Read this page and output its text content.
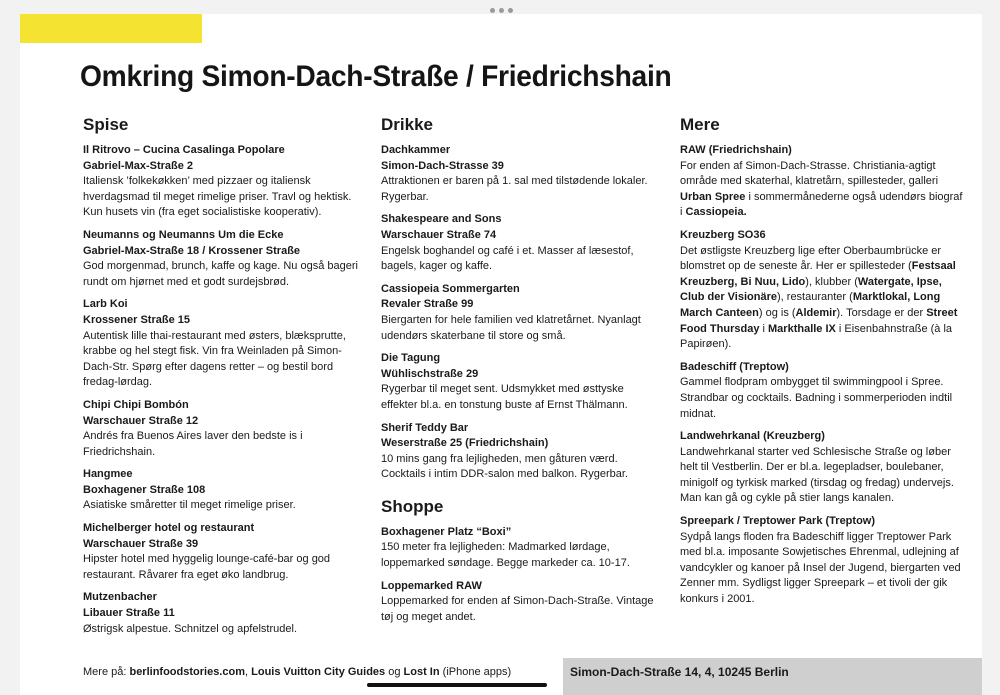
Omkring Simon-Dach-Straße / Friedrichshain
Spise
Il Ritrovo – Cucina Casalinga Popolare
Gabriel-Max-Straße 2
Italiensk ’folkekøkken’ med pizzaer og italiensk hverdagsmad til meget rimelige priser. Travl og hektisk. Kun husets vin (fra eget socialistiske kooperativ).
Neumanns og Neumanns Um die Ecke
Gabriel-Max-Straße 18 / Krossener Straße
God morgenmad, brunch, kaffe og kage. Nu også bageri rundt om hjørnet med et godt surdejsbrød.
Larb Koi
Krossener Straße 15
Autentisk lille thai-restaurant med østers, blæksprutte, krabbe og hel stegt fisk. Vin fra Weinladen på Simon-Dach-Str. Spørg efter dagens retter – og bestil bord fredag-lørdag.
Chipi Chipi Bombón
Warschauer Straße 12
Andrés fra Buenos Aires laver den bedste is i Friedrichshain.
Hangmee
Boxhagener Straße 108
Asiatiske småretter til meget rimelige priser.
Michelberger hotel og restaurant
Warschauer Straße 39
Hipster hotel med hyggelig lounge-café-bar og god restaurant. Råvarer fra eget øko landbrug.
Mutzenbacher
Libauer Straße 11
Østrigsk alpestue. Schnitzel og apfelstrudel.
Drikke
Dachkammer
Simon-Dach-Strasse 39
Attraktionen er baren på 1. sal med tilstødende lokaler. Rygerbar.
Shakespeare and Sons
Warschauer Straße 74
Engelsk boghandel og café i et. Masser af læsestof, bagels, kager og kaffe.
Cassiopeia Sommergarten
Revaler Straße 99
Biergarten for hele familien ved klatretårnet. Nyanlagt udendørs skaterbane til store og små.
Die Tagung
Wühlischstraße 29
Rygerbar til meget sent. Udsmykket med østtyske effekter bl.a. en tonstung buste af Ernst Thälmann.
Sherif Teddy Bar
Weserstraße 25 (Friedrichshain)
10 mins gang fra lejligheden, men gåturen værd. Cocktails i intim DDR-salon med balkon. Rygerbar.
Shoppe
Boxhagener Platz “Boxi”
150 meter fra lejligheden: Madmarked lørdage, loppemarked søndage. Begge markeder ca. 10-17.
Loppemarked RAW
Loppemarked for enden af Simon-Dach-Straße. Vintage tøj og meget andet.
Mere
RAW (Friedrichshain)
For enden af Simon-Dach-Strasse. Christiania-agtigt område med skaterhal, klatretårn, spillesteder, galleri Urban Spree i sommermånederne også udendørs biograf i Cassiopeia.
Kreuzberg SO36
Det østligste Kreuzberg lige efter Oberbaumbrücke er blomstret op de seneste år. Her er spillesteder (Festsaal Kreuzberg, Bi Nuu, Lido), klubber (Watergate, Ipse, Club der Visionäre), restauranter (Marktlokal, Long March Canteen) og is (Aldemir). Torsdage er der Street Food Thursday i Markthalle IX i Eisenbahnstraße (à la Papirøen).
Badeschiff (Treptow)
Gammel flodpram ombygget til swimmingpool i Spree. Strandbar og cocktails. Badning i sommerperioden indtil midnat.
Landwehrkanal (Kreuzberg)
Landwehrkanal starter ved Schlesische Straße og løber helt til Vestberlin. Der er bl.a. legepladser, boulebaner, minigolf og tyrkisk marked (tirsdag og fredag) undervejs. Man kan gå og cykle på stier langs kanalen.
Spreepark / Treptower Park (Treptow)
Sydpå langs floden fra Badeschiff ligger Treptower Park med bl.a. imposante Sowjetisches Ehrenmal, udlejning af vandcykler og kanoer på Insel der Jugend, biergarten ved Zenner mm. Sydligst ligger Spreepark – et tivoli der gik konkurs i 2001.
Mere på: berlinfoodstories.com, Louis Vuitton City Guides og Lost In (iPhone apps)	Simon-Dach-Straße 14, 4, 10245 Berlin
